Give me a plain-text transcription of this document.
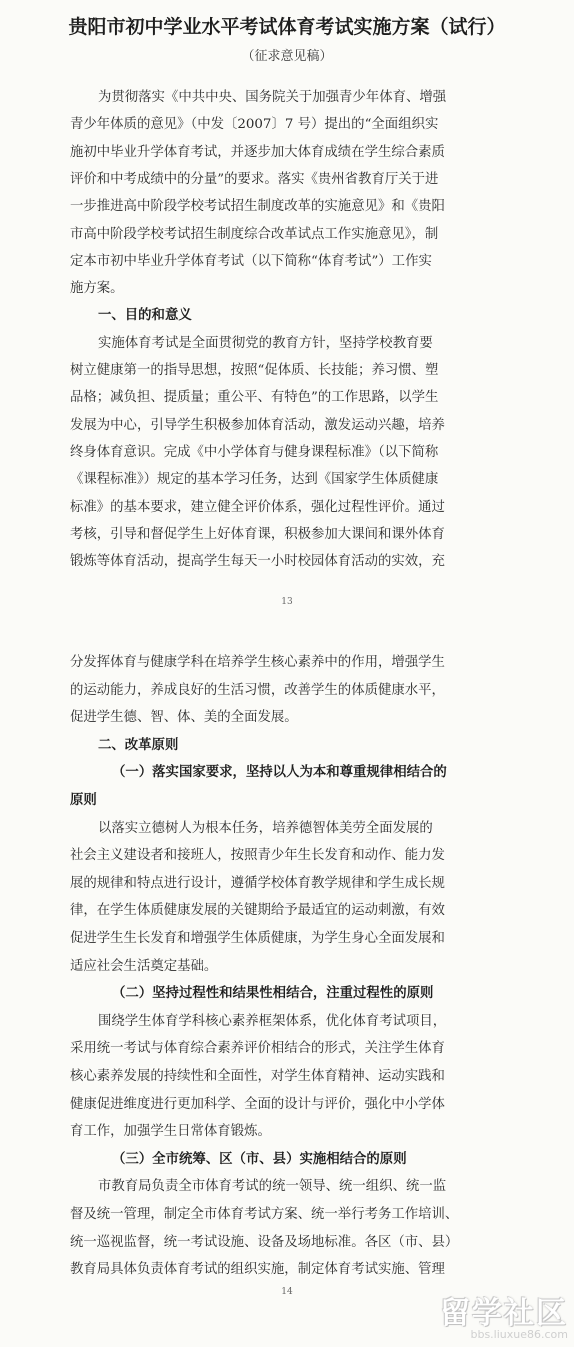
贵阳市初中学业水平考试体育考试实施方案（试行）
（征求意见稿）
为贯彻落实《中共中央、国务院关于加强青少年体育、增强
青少年体质的意见》（中发〔2007〕7 号）提出的“全面组织实
施初中毕业升学体育考试，并逐步加大体育成绩在学生综合素质
评价和中考成绩中的分量”的要求。落实《贵州省教育厅关于进
一步推进高中阶段学校考试招生制度改革的实施意见》和《贵阳
市高中阶段学校考试招生制度综合改革试点工作实施意见》，制
定本市初中毕业升学体育考试（以下简称“体育考试”）工作实
施方案。
一、目的和意义
实施体育考试是全面贯彻党的教育方针，坚持学校教育要
树立健康第一的指导思想，按照“促体质、长技能；养习惯、塑
品格；减负担、提质量；重公平、有特色”的工作思路，以学生
发展为中心，引导学生积极参加体育活动，激发运动兴趣，培养
终身体育意识。完成《中小学体育与健身课程标准》（以下简称
《课程标准》）规定的基本学习任务，达到《国家学生体质健康
标准》的基本要求，建立健全评价体系，强化过程性评价。通过
考核，引导和督促学生上好体育课，积极参加大课间和课外体育
锻炼等体育活动，提高学生每天一小时校园体育活动的实效，充
13
分发挥体育与健康学科在培养学生核心素养中的作用，增强学生
的运动能力，养成良好的生活习惯，改善学生的体质健康水平，
促进学生德、智、体、美的全面发展。
二、改革原则
（一）落实国家要求，坚持以人为本和尊重规律相结合的
原则
以落实立德树人为根本任务，培养德智体美劳全面发展的
社会主义建设者和接班人，按照青少年生长发育和动作、能力发
展的规律和特点进行设计，遵循学校体育教学规律和学生成长规
律，在学生体质健康发展的关键期给予最适宜的运动刺激，有效
促进学生生长发育和增强学生体质健康，为学生身心全面发展和
适应社会生活奠定基础。
（二）坚持过程性和结果性相结合，注重过程性的原则
围绕学生体育学科核心素养框架体系，优化体育考试项目，
采用统一考试与体育综合素养评价相结合的形式，关注学生体育
核心素养发展的持续性和全面性，对学生体育精神、运动实践和
健康促进维度进行更加科学、全面的设计与评价，强化中小学体
育工作，加强学生日常体育锻炼。
（三）全市统筹、区（市、县）实施相结合的原则
市教育局负责全市体育考试的统一领导、统一组织、统一监
督及统一管理，制定全市体育考试方案、统一举行考务工作培训、
统一巡视监督，统一考试设施、设备及场地标准。各区（市、县）
教育局具体负责体育考试的组织实施，制定体育考试实施、管理
14
留学社区
bbs.liuxue86.com
